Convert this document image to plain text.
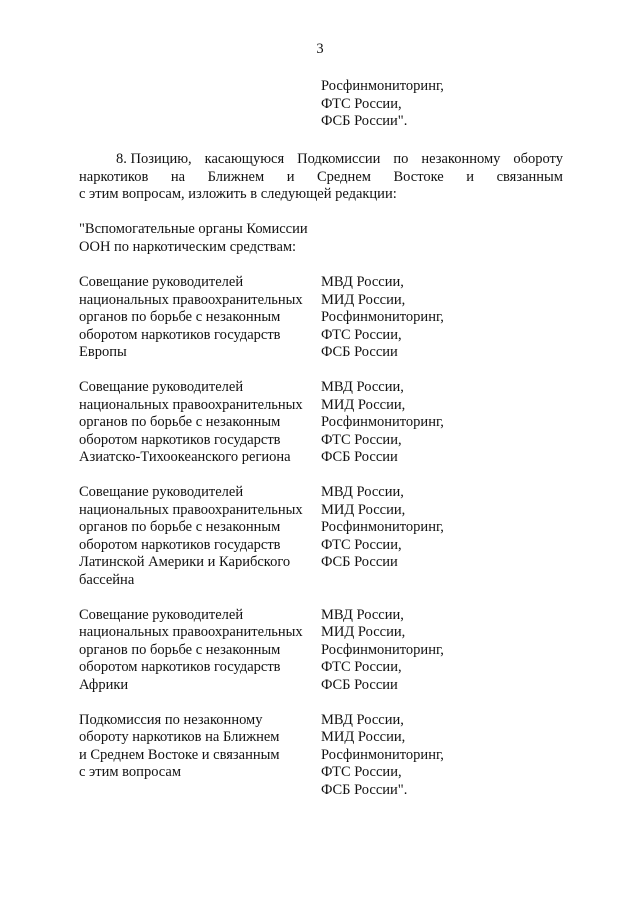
3
Росфинмониторинг,
ФТС России,
ФСБ России".
8. Позицию, касающуюся Подкомиссии по незаконному обороту
наркотиков на Ближнем и Среднем Востоке и связанным
с этим вопросам, изложить в следующей редакции:
"Вспомогательные органы Комиссии
ООН по наркотическим средствам:
Совещание руководителей
национальных правоохранительных
органов по борьбе с незаконным
оборотом наркотиков государств
Европы
МВД России,
МИД России,
Росфинмониторинг,
ФТС России,
ФСБ России
Совещание руководителей
национальных правоохранительных
органов по борьбе с незаконным
оборотом наркотиков государств
Азиатско-Тихоокеанского региона
МВД России,
МИД России,
Росфинмониторинг,
ФТС России,
ФСБ России
Совещание руководителей
национальных правоохранительных
органов по борьбе с незаконным
оборотом наркотиков государств
Латинской Америки и Карибского
бассейна
МВД России,
МИД России,
Росфинмониторинг,
ФТС России,
ФСБ России
Совещание руководителей
национальных правоохранительных
органов по борьбе с незаконным
оборотом наркотиков государств
Африки
МВД России,
МИД России,
Росфинмониторинг,
ФТС России,
ФСБ России
Подкомиссия по незаконному
обороту наркотиков на Ближнем
и Среднем Востоке и связанным
с этим вопросам
МВД России,
МИД России,
Росфинмониторинг,
ФТС России,
ФСБ России".
